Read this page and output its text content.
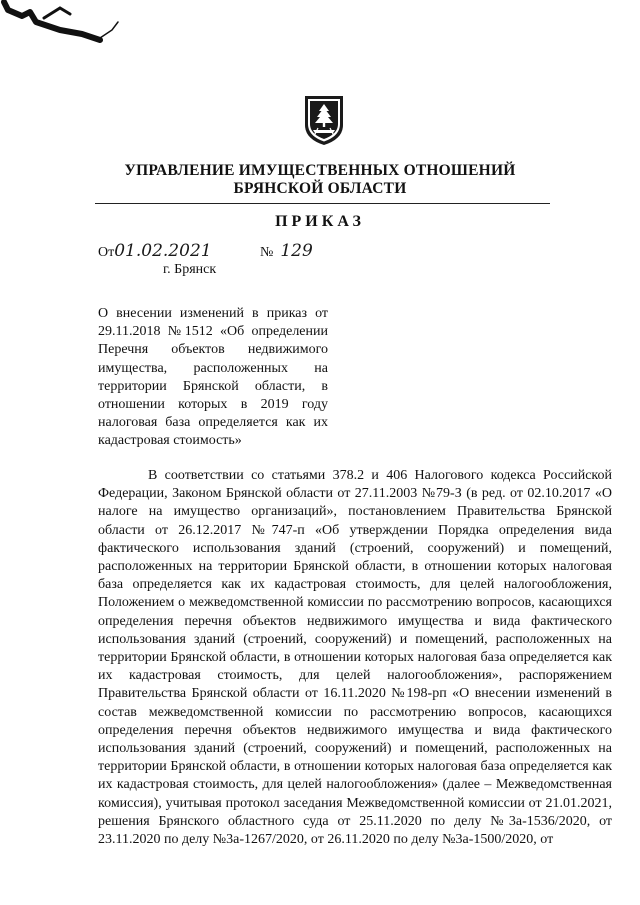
УПРАВЛЕНИЕ ИМУЩЕСТВЕННЫХ ОТНОШЕНИЙ
БРЯНСКОЙ ОБЛАСТИ
ПРИКАЗ
От01.02.2021	№ 129
г. Брянск
О внесении изменений в приказ от 29.11.2018 №1512 «Об определении Перечня объектов недвижимого имущества, расположенных на территории Брянской области, в отношении которых в 2019 году налоговая база определяется как их кадастровая стоимость»
В соответствии со статьями 378.2 и 406 Налогового кодекса Российской Федерации, Законом Брянской области от 27.11.2003 №79-З (в ред. от 02.10.2017 «О налоге на имущество организаций», постановлением Правительства Брянской области от 26.12.2017 №747-п «Об утверждении Порядка определения вида фактического использования зданий (строений, сооружений) и помещений, расположенных на территории Брянской области, в отношении которых налоговая база определяется как их кадастровая стоимость, для целей налогообложения, Положением о межведомственной комиссии по рассмотрению вопросов, касающихся определения перечня объектов недвижимого имущества и вида фактического использования зданий (строений, сооружений) и помещений, расположенных на территории Брянской области, в отношении которых налоговая база определяется как их кадастровая стоимость, для целей налогообложения», распоряжением Правительства Брянской области от 16.11.2020 №198-рп «О внесении изменений в состав межведомственной комиссии по рассмотрению вопросов, касающихся определения перечня объектов недвижимого имущества и вида фактического использования зданий (строений, сооружений) и помещений, расположенных на территории Брянской области, в отношении которых налоговая база определяется как их кадастровая стоимость, для целей налогообложения» (далее – Межведомственная комиссия), учитывая протокол заседания Межведомственной комиссии от 21.01.2021, решения Брянского областного суда от 25.11.2020 по делу №3а-1536/2020, от 23.11.2020 по делу №3а-1267/2020, от 26.11.2020 по делу №3а-1500/2020, от
